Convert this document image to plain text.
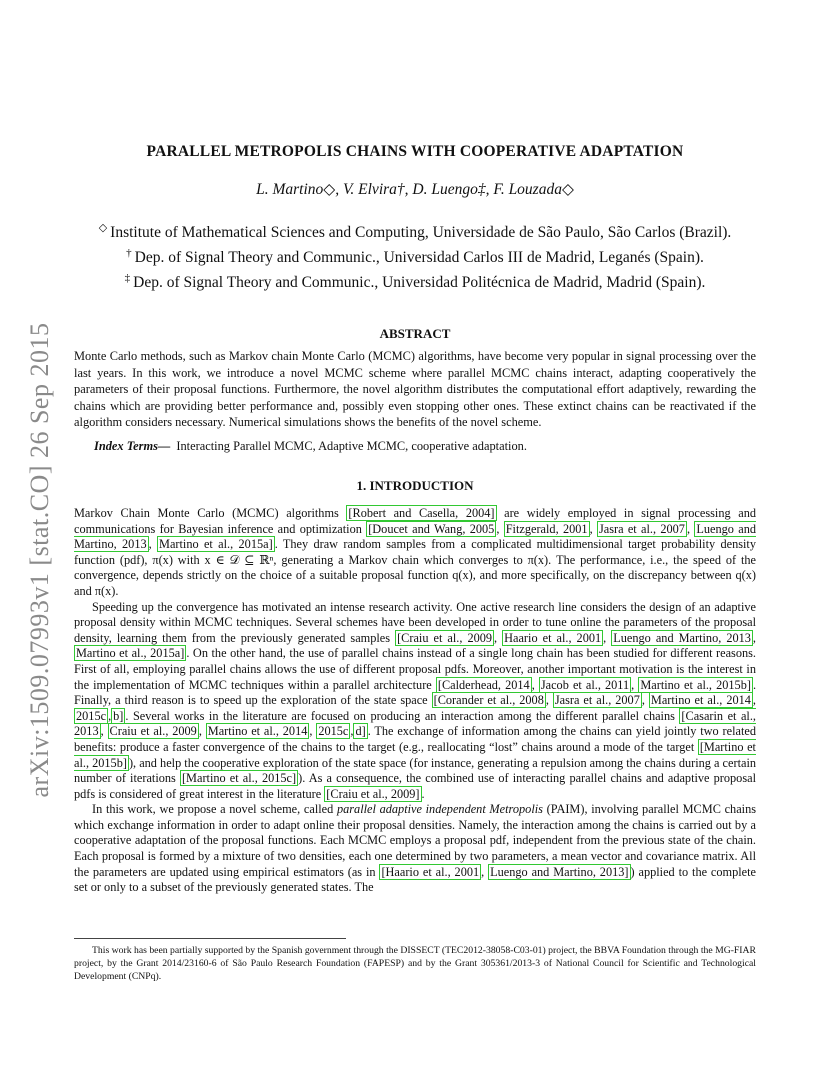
arXiv:1509.07993v1 [stat.CO] 26 Sep 2015
PARALLEL METROPOLIS CHAINS WITH COOPERATIVE ADAPTATION
L. Martino◇, V. Elvira†, D. Luengo‡, F. Louzada◇
◇ Institute of Mathematical Sciences and Computing, Universidade de São Paulo, São Carlos (Brazil).
† Dep. of Signal Theory and Communic., Universidad Carlos III de Madrid, Leganés (Spain).
‡ Dep. of Signal Theory and Communic., Universidad Politécnica de Madrid, Madrid (Spain).
ABSTRACT
Monte Carlo methods, such as Markov chain Monte Carlo (MCMC) algorithms, have become very popular in signal processing over the last years. In this work, we introduce a novel MCMC scheme where parallel MCMC chains interact, adapting cooperatively the parameters of their proposal functions. Furthermore, the novel algorithm distributes the computational effort adaptively, rewarding the chains which are providing better performance and, possibly even stopping other ones. These extinct chains can be reactivated if the algorithm considers necessary. Numerical simulations shows the benefits of the novel scheme.
Index Terms— Interacting Parallel MCMC, Adaptive MCMC, cooperative adaptation.
1. INTRODUCTION

Markov Chain Monte Carlo (MCMC) algorithms [Robert and Casella, 2004] are widely employed in signal processing and communications for Bayesian inference and optimization [Doucet and Wang, 2005 , Fitzgerald, 2001 , Jasra et al., 2007 , Luengo and Martino, 2013 , Martino et al., 2015a] . They draw random samples from a complicated multidimensional target probability density function (pdf), π(x) with x ∈ 𝒟 ⊆ ℝⁿ, generating a Markov chain which converges to π(x). The performance, i.e., the speed of the convergence, depends strictly on the choice of a suitable proposal function q(x), and more specifically, on the discrepancy between q(x) and π(x).

Speeding up the convergence has motivated an intense research activity. One active research line considers the design of an adaptive proposal density within MCMC techniques. Several schemes have been developed in order to tune online the parameters of the proposal density, learning them from the previously generated samples [Craiu et al., 2009 , Haario et al., 2001 , Luengo and Martino, 2013 , Martino et al., 2015a] . On the other hand, the use of parallel chains instead of a single long chain has been studied for different reasons. First of all, employing parallel chains allows the use of different proposal pdfs. Moreover, another important motivation is the interest in the implementation of MCMC techniques within a parallel architecture [Calderhead, 2014 , Jacob et al., 2011 , Martino et al., 2015b] . Finally, a third reason is to speed up the exploration of the state space [Corander et al., 2008 , Jasra et al., 2007 , Martino et al., 2014 , 2015c , b] . Several works in the literature are focused on producing an interaction among the different parallel chains [Casarin et al., 2013 , Craiu et al., 2009 , Martino et al., 2014 , 2015c , d] . The exchange of information among the chains can yield jointly two related benefits: produce a faster convergence of the chains to the target (e.g., reallocating “lost” chains around a mode of the target [Martino et al., 2015b] ), and help the cooperative exploration of the state space (for instance, generating a repulsion among the chains during a certain number of iterations [Martino et al., 2015c] ). As a consequence, the combined use of interacting parallel chains and adaptive proposal pdfs is considered of great interest in the literature [Craiu et al., 2009] .

In this work, we propose a novel scheme, called parallel adaptive independent Metropolis (PAIM), involving parallel MCMC chains which exchange information in order to adapt online their proposal densities. Namely, the interaction among the chains is carried out by a cooperative adaptation of the proposal functions. Each MCMC employs a proposal pdf, independent from the previous state of the chain. Each proposal is formed by a mixture of two densities, each one determined by two parameters, a mean vector and covariance matrix. All the parameters are updated using empirical estimators (as in [Haario et al., 2001 , Luengo and Martino, 2013] ) applied to the complete set or only to a subset of the previously generated states. The

This work has been partially supported by the Spanish government through the DISSECT (TEC2012-38058-C03-01) project, the BBVA Foundation through the MG-FIAR project, by the Grant 2014/23160-6 of São Paulo Research Foundation (FAPESP) and by the Grant 305361/2013-3 of National Council for Scientific and Technological Development (CNPq).
